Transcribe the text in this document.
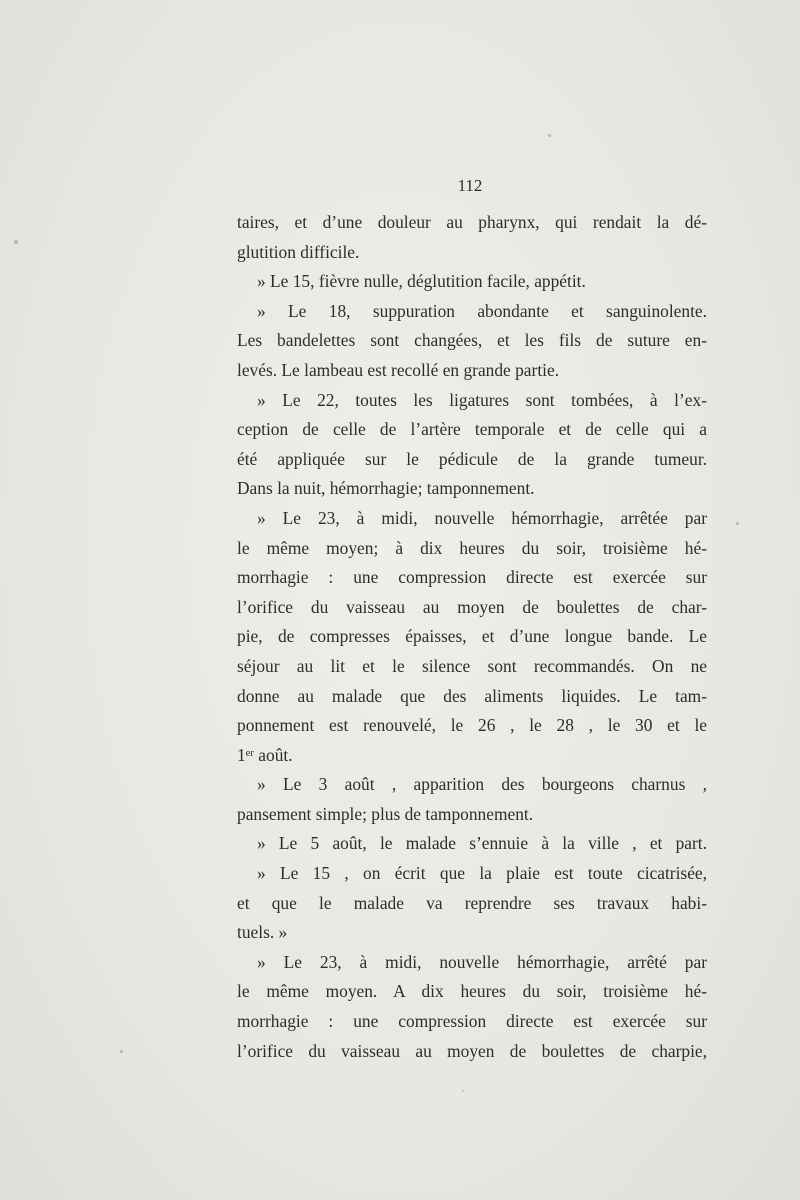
112
taires, et d’une douleur au pharynx, qui rendait la dé-
glutition difficile.
» Le 15, fièvre nulle, déglutition facile, appétit.
» Le 18, suppuration abondante et sanguinolente.
Les bandelettes sont changées, et les fils de suture en-
levés. Le lambeau est recollé en grande partie.
» Le 22, toutes les ligatures sont tombées, à l’ex-
ception de celle de l’artère temporale et de celle qui a
été appliquée sur le pédicule de la grande tumeur.
Dans la nuit, hémorrhagie; tamponnement.
» Le 23, à midi, nouvelle hémorrhagie, arrêtée par
le même moyen; à dix heures du soir, troisième hé-
morrhagie : une compression directe est exercée sur
l’orifice du vaisseau au moyen de boulettes de char-
pie, de compresses épaisses, et d’une longue bande. Le
séjour au lit et le silence sont recommandés. On ne
donne au malade que des aliments liquides. Le tam-
ponnement est renouvelé, le 26 , le 28 , le 30 et le
1ᵉʳ août.
» Le 3 août , apparition des bourgeons charnus ,
pansement simple; plus de tamponnement.
» Le 5 août, le malade s’ennuie à la ville , et part.
» Le 15 , on écrit que la plaie est toute cicatrisée,
et que le malade va reprendre ses travaux habi-
tuels. »
» Le 23, à midi, nouvelle hémorrhagie, arrêté par
le même moyen. A dix heures du soir, troisième hé-
morrhagie : une compression directe est exercée sur
l’orifice du vaisseau au moyen de boulettes de charpie,
